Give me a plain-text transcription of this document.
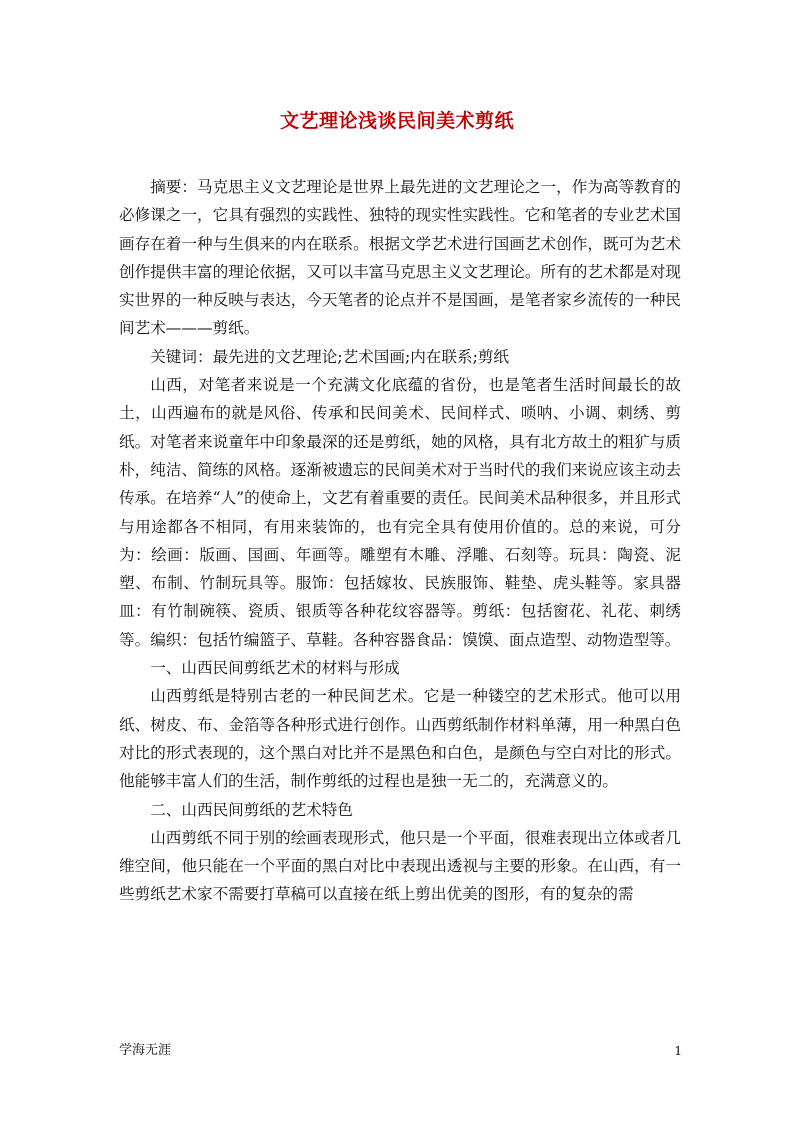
文艺理论浅谈民间美术剪纸

摘要：马克思主义文艺理论是世界上最先进的文艺理论之一，作为高等教育的必修课之一，它具有强烈的实践性、独特的现实性实践性。它和笔者的专业艺术国画存在着一种与生俱来的内在联系。根据文学艺术进行国画艺术创作，既可为艺术创作提供丰富的理论依据，又可以丰富马克思主义文艺理论。所有的艺术都是对现实世界的一种反映与表达，今天笔者的论点并不是国画，是笔者家乡流传的一种民间艺术———剪纸。

关键词：最先进的文艺理论;艺术国画;内在联系;剪纸

山西，对笔者来说是一个充满文化底蕴的省份，也是笔者生活时间最长的故土，山西遍布的就是风俗、传承和民间美术、民间样式、唢呐、小调、刺绣、剪纸。对笔者来说童年中印象最深的还是剪纸，她的风格，具有北方故土的粗犷与质朴，纯洁、简练的风格。逐渐被遗忘的民间美术对于当时代的我们来说应该主动去传承。在培养“人”的使命上，文艺有着重要的责任。民间美术品种很多，并且形式与用途都各不相同，有用来装饰的，也有完全具有使用价值的。总的来说，可分为：绘画：版画、国画、年画等。雕塑有木雕、浮雕、石刻等。玩具：陶瓷、泥塑、布制、竹制玩具等。服饰：包括嫁妆、民族服饰、鞋垫、虎头鞋等。家具器皿：有竹制碗筷、瓷质、银质等各种花纹容器等。剪纸：包括窗花、礼花、刺绣等。编织：包括竹编篮子、草鞋。各种容器食品：馍馍、面点造型、动物造型等。

一、山西民间剪纸艺术的材料与形成

山西剪纸是特别古老的一种民间艺术。它是一种镂空的艺术形式。他可以用纸、树皮、布、金箔等各种形式进行创作。山西剪纸制作材料单薄，用一种黑白色对比的形式表现的，这个黑白对比并不是黑色和白色，是颜色与空白对比的形式。他能够丰富人们的生活，制作剪纸的过程也是独一无二的，充满意义的。

二、山西民间剪纸的艺术特色

山西剪纸不同于别的绘画表现形式，他只是一个平面，很难表现出立体或者几维空间，他只能在一个平面的黑白对比中表现出透视与主要的形象。在山西，有一些剪纸艺术家不需要打草稿可以直接在纸上剪出优美的图形，有的复杂的需

学海无涯	1
